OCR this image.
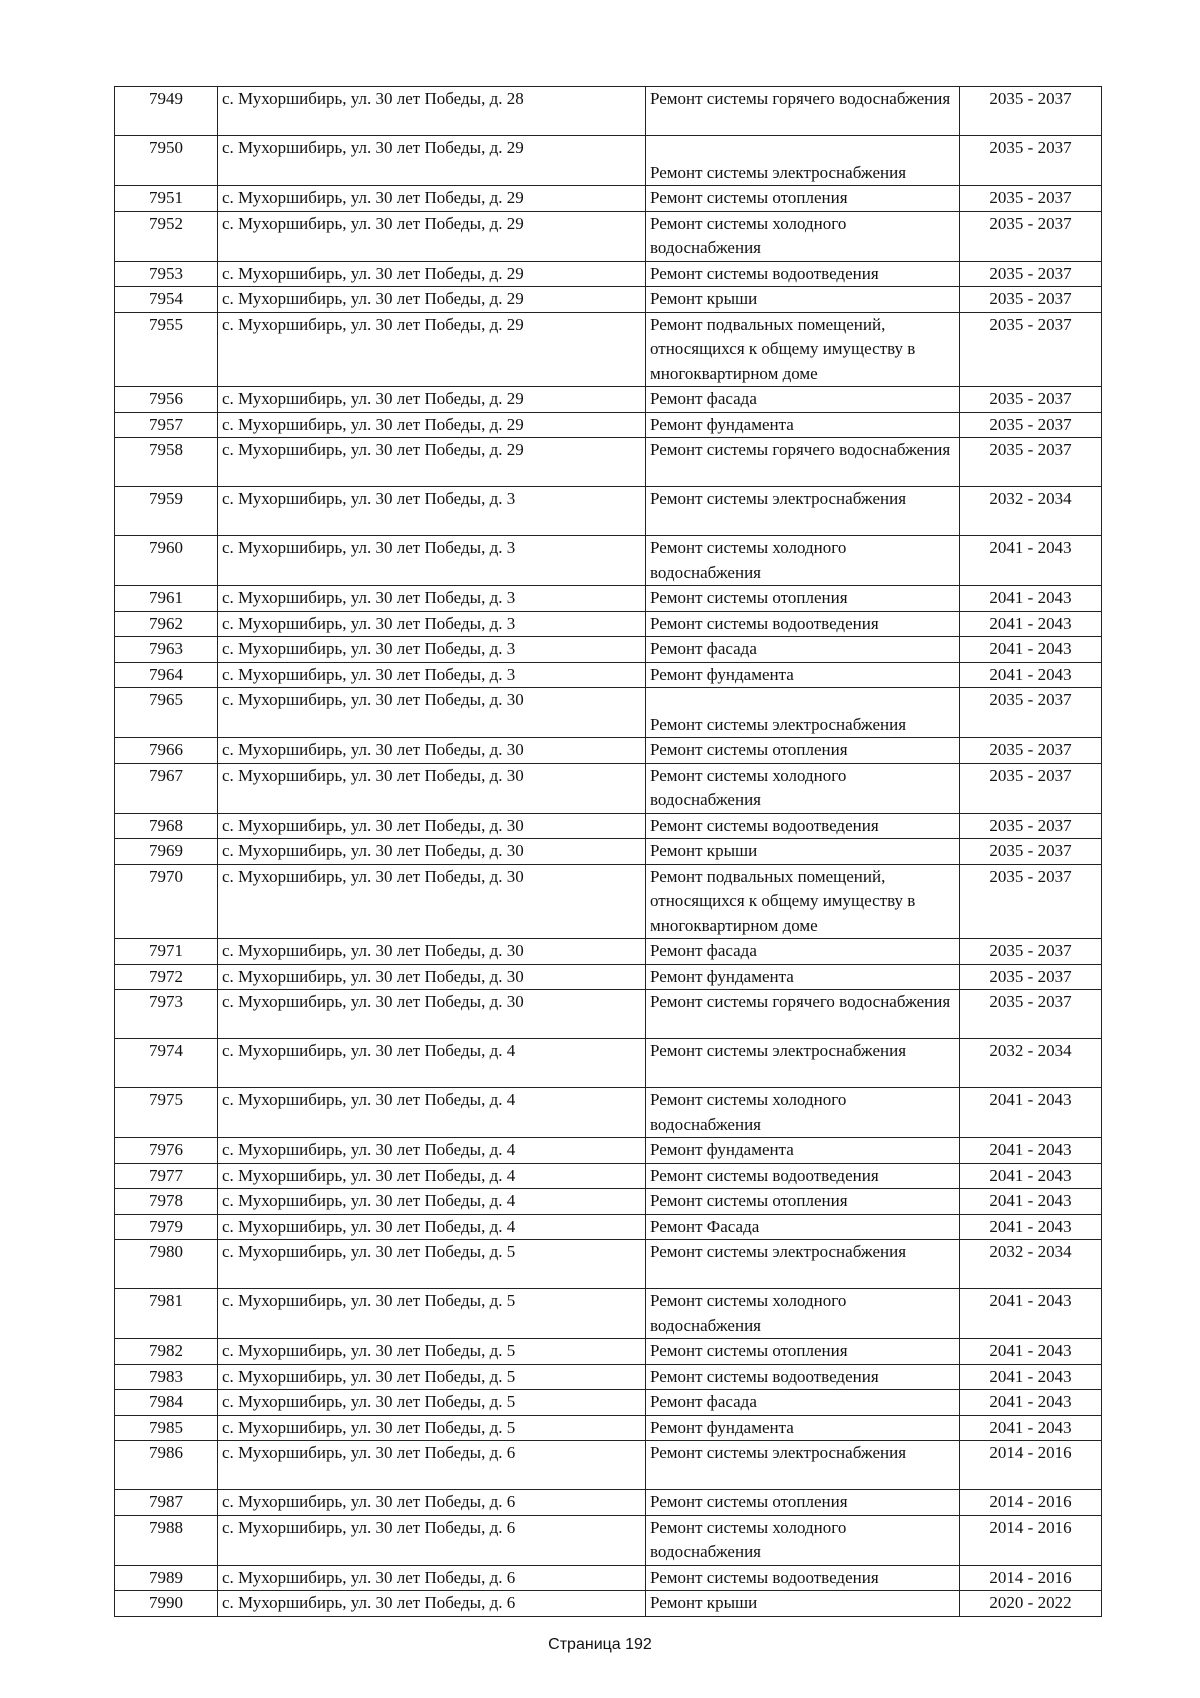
7949	с. Мухоршибирь, ул. 30 лет Победы, д. 28	Ремонт системы горячего водоснабжения	2035 - 2037
7950	с. Мухоршибирь, ул. 30 лет Победы, д. 29	Ремонт системы электроснабжения	2035 - 2037
7951	с. Мухоршибирь, ул. 30 лет Победы, д. 29	Ремонт системы отопления	2035 - 2037
7952	с. Мухоршибирь, ул. 30 лет Победы, д. 29	Ремонт системы холодного водоснабжения	2035 - 2037
7953	с. Мухоршибирь, ул. 30 лет Победы, д. 29	Ремонт системы водоотведения	2035 - 2037
7954	с. Мухоршибирь, ул. 30 лет Победы, д. 29	Ремонт крыши	2035 - 2037
7955	с. Мухоршибирь, ул. 30 лет Победы, д. 29	Ремонт подвальных помещений, относящихся к общему имуществу в многоквартирном доме	2035 - 2037
7956	с. Мухоршибирь, ул. 30 лет Победы, д. 29	Ремонт фасада	2035 - 2037
7957	с. Мухоршибирь, ул. 30 лет Победы, д. 29	Ремонт фундамента	2035 - 2037
7958	с. Мухоршибирь, ул. 30 лет Победы, д. 29	Ремонт системы горячего водоснабжения	2035 - 2037
7959	с. Мухоршибирь, ул. 30 лет Победы, д. 3	Ремонт системы электроснабжения	2032 - 2034
7960	с. Мухоршибирь, ул. 30 лет Победы, д. 3	Ремонт системы холодного водоснабжения	2041 - 2043
7961	с. Мухоршибирь, ул. 30 лет Победы, д. 3	Ремонт системы отопления	2041 - 2043
7962	с. Мухоршибирь, ул. 30 лет Победы, д. 3	Ремонт системы водоотведения	2041 - 2043
7963	с. Мухоршибирь, ул. 30 лет Победы, д. 3	Ремонт фасада	2041 - 2043
7964	с. Мухоршибирь, ул. 30 лет Победы, д. 3	Ремонт фундамента	2041 - 2043
7965	с. Мухоршибирь, ул. 30 лет Победы, д. 30	Ремонт системы электроснабжения	2035 - 2037
7966	с. Мухоршибирь, ул. 30 лет Победы, д. 30	Ремонт системы отопления	2035 - 2037
7967	с. Мухоршибирь, ул. 30 лет Победы, д. 30	Ремонт системы холодного водоснабжения	2035 - 2037
7968	с. Мухоршибирь, ул. 30 лет Победы, д. 30	Ремонт системы водоотведения	2035 - 2037
7969	с. Мухоршибирь, ул. 30 лет Победы, д. 30	Ремонт крыши	2035 - 2037
7970	с. Мухоршибирь, ул. 30 лет Победы, д. 30	Ремонт подвальных помещений, относящихся к общему имуществу в многоквартирном доме	2035 - 2037
7971	с. Мухоршибирь, ул. 30 лет Победы, д. 30	Ремонт фасада	2035 - 2037
7972	с. Мухоршибирь, ул. 30 лет Победы, д. 30	Ремонт фундамента	2035 - 2037
7973	с. Мухоршибирь, ул. 30 лет Победы, д. 30	Ремонт системы горячего водоснабжения	2035 - 2037
7974	с. Мухоршибирь, ул. 30 лет Победы, д. 4	Ремонт системы электроснабжения	2032 - 2034
7975	с. Мухоршибирь, ул. 30 лет Победы, д. 4	Ремонт системы холодного водоснабжения	2041 - 2043
7976	с. Мухоршибирь, ул. 30 лет Победы, д. 4	Ремонт фундамента	2041 - 2043
7977	с. Мухоршибирь, ул. 30 лет Победы, д. 4	Ремонт системы водоотведения	2041 - 2043
7978	с. Мухоршибирь, ул. 30 лет Победы, д. 4	Ремонт системы отопления	2041 - 2043
7979	с. Мухоршибирь, ул. 30 лет Победы, д. 4	Ремонт Фасада	2041 - 2043
7980	с. Мухоршибирь, ул. 30 лет Победы, д. 5	Ремонт системы электроснабжения	2032 - 2034
7981	с. Мухоршибирь, ул. 30 лет Победы, д. 5	Ремонт системы холодного водоснабжения	2041 - 2043
7982	с. Мухоршибирь, ул. 30 лет Победы, д. 5	Ремонт системы отопления	2041 - 2043
7983	с. Мухоршибирь, ул. 30 лет Победы, д. 5	Ремонт системы водоотведения	2041 - 2043
7984	с. Мухоршибирь, ул. 30 лет Победы, д. 5	Ремонт фасада	2041 - 2043
7985	с. Мухоршибирь, ул. 30 лет Победы, д. 5	Ремонт фундамента	2041 - 2043
7986	с. Мухоршибирь, ул. 30 лет Победы, д. 6	Ремонт системы электроснабжения	2014 - 2016
7987	с. Мухоршибирь, ул. 30 лет Победы, д. 6	Ремонт системы отопления	2014 - 2016
7988	с. Мухоршибирь, ул. 30 лет Победы, д. 6	Ремонт системы холодного водоснабжения	2014 - 2016
7989	с. Мухоршибирь, ул. 30 лет Победы, д. 6	Ремонт системы водоотведения	2014 - 2016
7990	с. Мухоршибирь, ул. 30 лет Победы, д. 6	Ремонт крыши	2020 - 2022
Страница 192
